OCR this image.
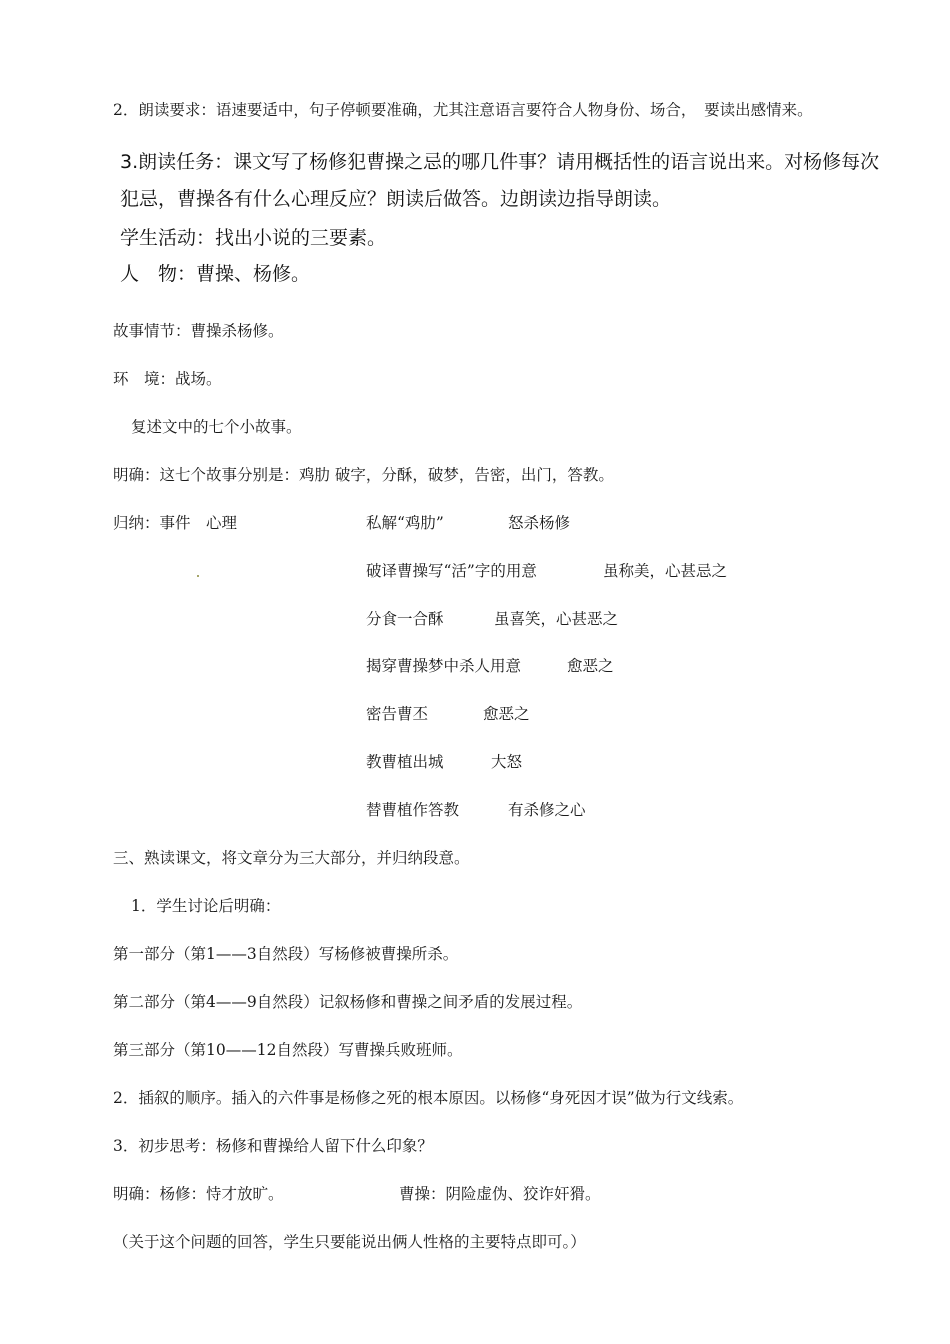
2．朗读要求：语速要适中，句子停顿要准确，尤其注意语言要符合人物身份、场合，　要读出感情来。
3.朗读任务：课文写了杨修犯曹操之忌的哪几件事？请用概括性的语言说出来。对杨修每次
犯忌，曹操各有什么心理反应？朗读后做答。边朗读边指导朗读。
学生活动：找出小说的三要素。
人　物：曹操、杨修。
故事情节：曹操杀杨修。
环　境：战场。
复述文中的七个小故事。
明确：这七个故事分别是：鸡肋 破字，分酥，破梦，告密，出门，答教。
归纳：事件　心理	私解“鸡肋”	怒杀杨修
破译曹操写“活”字的用意	虽称美，心甚忌之
分食一合酥	虽喜笑，心甚恶之
揭穿曹操梦中杀人用意	愈恶之
密告曹丕	愈恶之
教曹植出城	大怒
替曹植作答教	有杀修之心
三、熟读课文，将文章分为三大部分，并归纳段意。
1．学生讨论后明确：
第一部分（第1——3自然段）写杨修被曹操所杀。
第二部分（第4——9自然段）记叙杨修和曹操之间矛盾的发展过程。
第三部分（第10——12自然段）写曹操兵败班师。
2．插叙的顺序。插入的六件事是杨修之死的根本原因。以杨修“身死因才误”做为行文线索。
3．初步思考：杨修和曹操给人留下什么印象？
明确：杨修：恃才放旷。	曹操：阴险虚伪、狡诈奸猾。
（关于这个问题的回答，学生只要能说出俩人性格的主要特点即可。）
